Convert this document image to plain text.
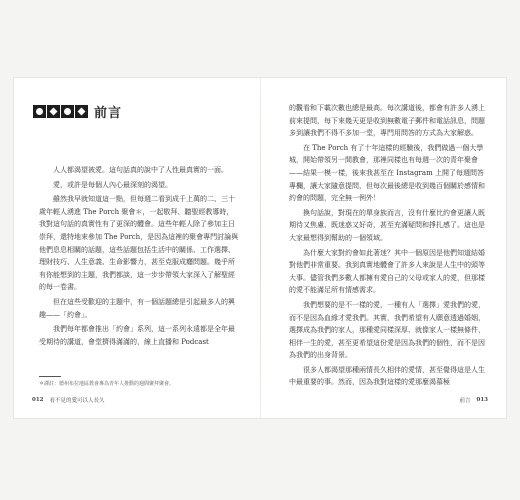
前言

人人都渴望被愛。這句話真的說中了人性最真實的一面。

愛，或許是每個人內心最深刻的渴望。

雖然我早就知道這一點，但每週二看到成千上萬的二、三十歲年輕人湧進 The Porch 聚會＊，一起敬拜、聽聖經教導時，我對這句話的真實性有了更深的體會。這些年輕人除了參加主日崇拜，還特地來參加 The Porch，是因為這裡的聚會專門討論與他們息息相關的話題，這些話題包括生活中的關係、工作選擇、理財技巧、人生意義、生命影響力，甚至克服成癮問題。幾乎所有你能想到的主題，我們都談，這一步步帶領大家深入了解聖經的每一卷書。

但在這些受歡迎的主題中，有一個話題總是引起最多人的興趣——「約會」。

我們每年都會推出「約會」系列，這一系列永遠都是全年最受期待的講道，會堂擠得滿滿的，線上直播和 Podcast

＊譯註：德州布拉地區教會專為青年人推動的週間聚拜聚會。
012 看不見的愛可以人長久

的觀看和下載次數也總是最高。每次講道後，都會有許多人湧上前來提問，每下來幾天更是收到無數電子郵件和電話訊息，問題多到讓我們不得不多加一堂，專門用問答的方式為大家解惑。

在 The Porch 有了十年這樣的經驗後，我們做過一個大學城，開始帶領另一間教會，那裡同樣也有每週一次的青年聚會——結果一模一樣，後來我甚至在 Instagram 上開了每週問答專欄，讓大家隨意提問，但每次最後總是收到幾百個關於感情和約會的問題，完全無一例外！

換句話說，對現在的單身族而言，沒有什麼比約會更讓人既期待又焦慮、既迷惑又好奇，甚至充滿疑問和掙扎感了。這也是大家最想得到幫助的一個領域。

為什麼大家對約會如此著迷？其中一個原因是他們知道結婚對他們非常重要。我到真實地體會了許多人來說是人生中的頭等大事。儘管我們多數人都擁有愛自己的父母或家人的愛，但那樣的愛不能滿足所有情感需求。

我們想要的是不一樣的愛，一種有人「選擇」愛我們的愛，而不是因為血緣才愛我們。其實，我們希望有人願意透過婚姻，選擇成為我們的家人，那種愛同樣深厚、就像家人一樣無條件，相伴一生的愛，甚至更希望這份愛是因為我們的個性，而不是因為我們的出身背景。

很多人都渴望那種兩情長久相伴的愛情，甚至覺得這是人生中最重要的事。然而，因為我對這樣的愛那麼渴慕極

前言 013
